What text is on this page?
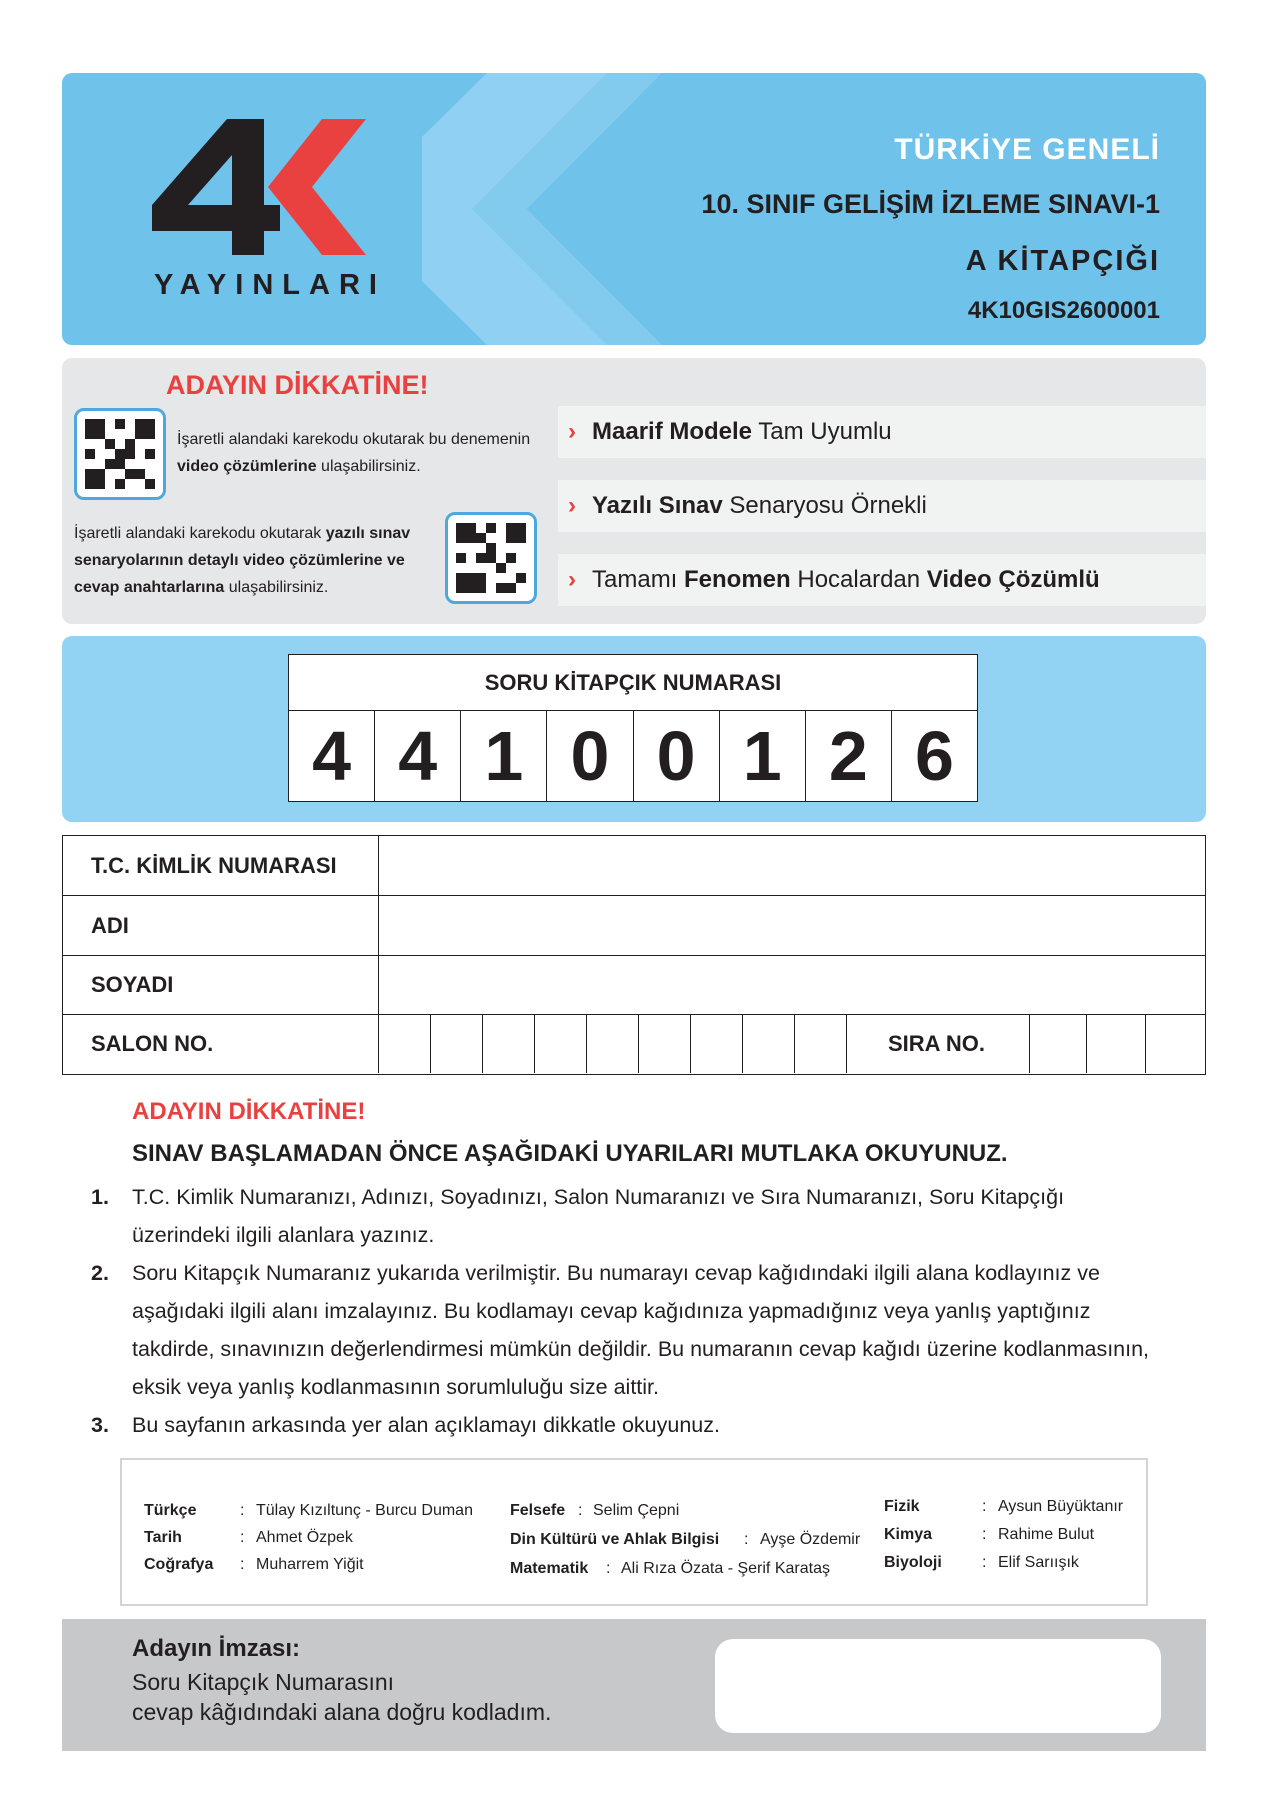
YAYINLARI
TÜRKİYE GENELİ
10. SINIF GELİŞİM İZLEME SINAVI-1
A KİTAPÇIĞI
4K10GIS2600001
ADAYIN DİKKATİNE!
İşaretli alandaki karekodu okutarak bu denemenin video çözümlerine ulaşabilirsiniz.
İşaretli alandaki karekodu okutarak yazılı sınav senaryolarının detaylı video çözümlerine ve cevap anahtarlarına ulaşabilirsiniz.
› Maarif Modele Tam Uyumlu
› Yazılı Sınav Senaryosu Örnekli
› Tamamı Fenomen Hocalardan Video Çözümlü
SORU KİTAPÇIK NUMARASI
4 4 1 0 0 1 2 6
T.C. KİMLİK NUMARASI
ADI
SOYADI
SALON NO.	SIRA NO.
ADAYIN DİKKATİNE!
SINAV BAŞLAMADAN ÖNCE AŞAĞIDAKİ UYARILARI MUTLAKA OKUYUNUZ.
1. T.C. Kimlik Numaranızı, Adınızı, Soyadınızı, Salon Numaranızı ve Sıra Numaranızı, Soru Kitapçığı üzerindeki ilgili alanlara yazınız.
2. Soru Kitapçık Numaranız yukarıda verilmiştir. Bu numarayı cevap kağıdındaki ilgili alana kodlayınız ve aşağıdaki ilgili alanı imzalayınız. Bu kodlamayı cevap kağıdınıza yapmadığınız veya yanlış yaptığınız takdirde, sınavınızın değerlendirmesi mümkün değildir. Bu numaranın cevap kağıdı üzerine kodlanmasının, eksik veya yanlış kodlanmasının sorumluluğu size aittir.
3. Bu sayfanın arkasında yer alan açıklamayı dikkatle okuyunuz.
Türkçe	: Tülay Kızıltunç - Burcu Duman
Tarih	: Ahmet Özpek
Coğrafya : Muharrem Yiğit
Felsefe : Selim Çepni
Din Kültürü ve Ahlak Bilgisi : Ayşe Özdemir
Matematik : Ali Rıza Özata - Şerif Karataş
Fizik	: Aysun Büyüktanır
Kimya	: Rahime Bulut
Biyoloji	: Elif Sarıışık
Adayın İmzası:
Soru Kitapçık Numarasını
cevap kâğıdındaki alana doğru kodladım.
